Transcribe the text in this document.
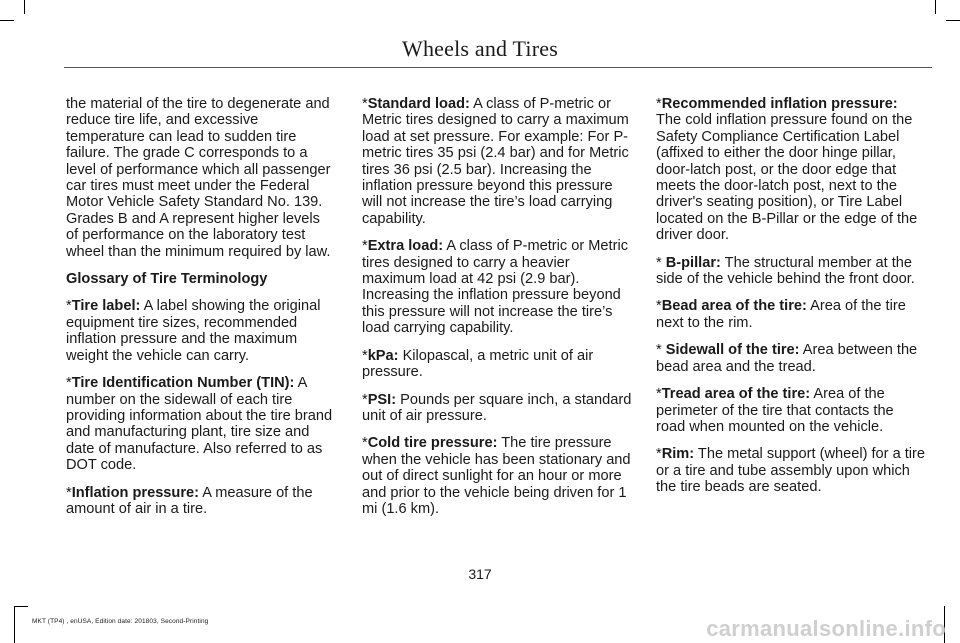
Wheels and Tires

the material of the tire to degenerate and reduce tire life, and excessive temperature can lead to sudden tire failure. The grade C corresponds to a level of performance which all passenger car tires must meet under the Federal Motor Vehicle Safety Standard No. 139. Grades B and A represent higher levels of performance on the laboratory test wheel than the minimum required by law.

Glossary of Tire Terminology

*Tire label: A label showing the original equipment tire sizes, recommended inflation pressure and the maximum weight the vehicle can carry.

*Tire Identification Number (TIN): A number on the sidewall of each tire providing information about the tire brand and manufacturing plant, tire size and date of manufacture. Also referred to as DOT code.

*Inflation pressure: A measure of the amount of air in a tire.

*Standard load: A class of P-metric or Metric tires designed to carry a maximum load at set pressure. For example: For P-metric tires 35 psi (2.4 bar) and for Metric tires 36 psi (2.5 bar). Increasing the inflation pressure beyond this pressure will not increase the tire’s load carrying capability.

*Extra load: A class of P-metric or Metric tires designed to carry a heavier maximum load at 42 psi (2.9 bar). Increasing the inflation pressure beyond this pressure will not increase the tire’s load carrying capability.

*kPa: Kilopascal, a metric unit of air pressure.

*PSI: Pounds per square inch, a standard unit of air pressure.

*Cold tire pressure: The tire pressure when the vehicle has been stationary and out of direct sunlight for an hour or more and prior to the vehicle being driven for 1 mi (1.6 km).

*Recommended inflation pressure: The cold inflation pressure found on the Safety Compliance Certification Label (affixed to either the door hinge pillar, door-latch post, or the door edge that meets the door-latch post, next to the driver's seating position), or Tire Label located on the B-Pillar or the edge of the driver door.

* B-pillar: The structural member at the side of the vehicle behind the front door.

*Bead area of the tire: Area of the tire next to the rim.

* Sidewall of the tire: Area between the bead area and the tread.

*Tread area of the tire: Area of the perimeter of the tire that contacts the road when mounted on the vehicle.

*Rim: The metal support (wheel) for a tire or a tire and tube assembly upon which the tire beads are seated.

317
MKT (TP4) , enUSA, Edition date: 201803, Second-Printing	carmanualsonline.info
